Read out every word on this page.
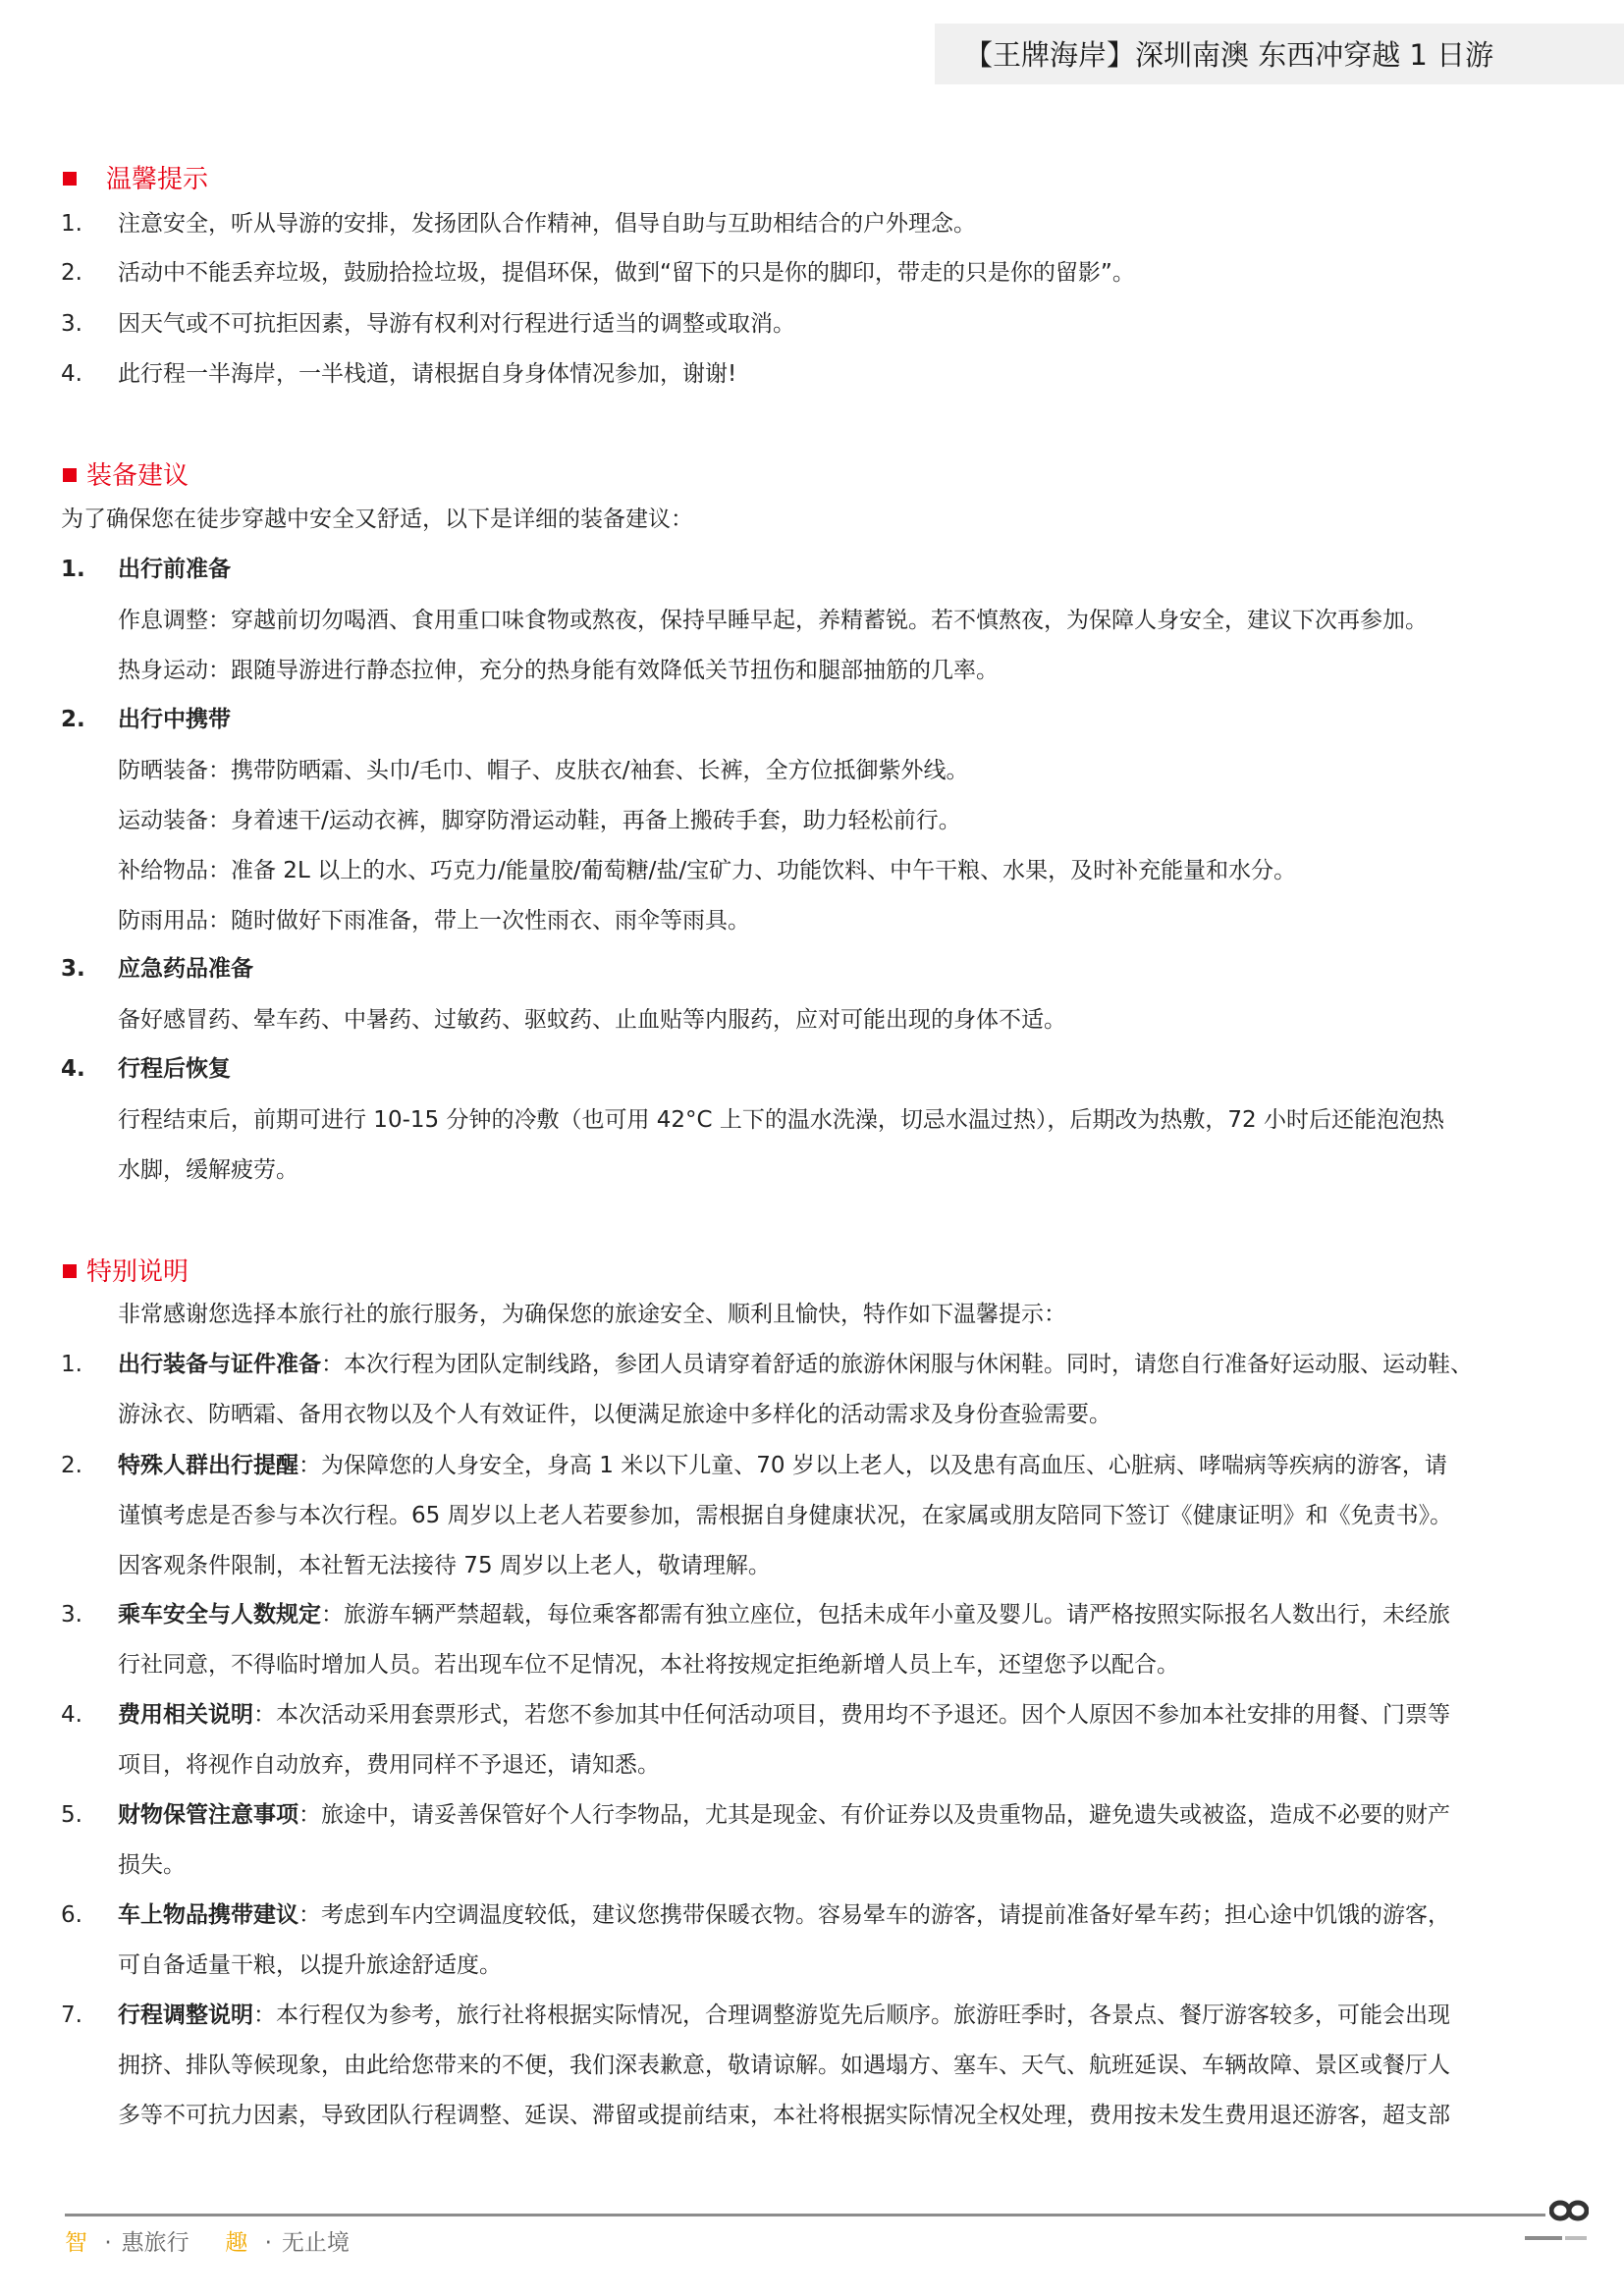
【王牌海岸】深圳南澳 东西冲穿越 1 日游
温馨提示
1. 注意安全，听从导游的安排，发扬团队合作精神，倡导自助与互助相结合的户外理念。
2. 活动中不能丢弃垃圾，鼓励拾捡垃圾，提倡环保，做到“留下的只是你的脚印，带走的只是你的留影”。
3. 因天气或不可抗拒因素，导游有权利对行程进行适当的调整或取消。
4. 此行程一半海岸，一半栈道，请根据自身身体情况参加，谢谢!
装备建议
为了确保您在徒步穿越中安全又舒适，以下是详细的装备建议：
1. 出行前准备
作息调整：穿越前切勿喝酒、食用重口味食物或熬夜，保持早睡早起，养精蓄锐。若不慎熬夜，为保障人身安全，建议下次再参加。
热身运动：跟随导游进行静态拉伸，充分的热身能有效降低关节扭伤和腿部抽筋的几率。
2. 出行中携带
防晒装备：携带防晒霜、头巾/毛巾、帽子、皮肤衣/袖套、长裤，全方位抵御紫外线。
运动装备：身着速干/运动衣裤，脚穿防滑运动鞋，再备上搬砖手套，助力轻松前行。
补给物品：准备 2L 以上的水、巧克力/能量胶/葡萄糖/盐/宝矿力、功能饮料、中午干粮、水果，及时补充能量和水分。
防雨用品：随时做好下雨准备，带上一次性雨衣、雨伞等雨具。
3. 应急药品准备
备好感冒药、晕车药、中暑药、过敏药、驱蚊药、止血贴等内服药，应对可能出现的身体不适。
4. 行程后恢复
行程结束后，前期可进行 10-15 分钟的冷敷（也可用 42°C 上下的温水洗澡，切忌水温过热），后期改为热敷，72 小时后还能泡泡热
水脚，缓解疲劳。
特别说明
非常感谢您选择本旅行社的旅行服务，为确保您的旅途安全、顺利且愉快，特作如下温馨提示：
1. 出行装备与证件准备：本次行程为团队定制线路，参团人员请穿着舒适的旅游休闲服与休闲鞋。同时，请您自行准备好运动服、运动鞋、
游泳衣、防晒霜、备用衣物以及个人有效证件，以便满足旅途中多样化的活动需求及身份查验需要。
2. 特殊人群出行提醒：为保障您的人身安全，身高 1 米以下儿童、70 岁以上老人，以及患有高血压、心脏病、哮喘病等疾病的游客，请
谨慎考虑是否参与本次行程。65 周岁以上老人若要参加，需根据自身健康状况，在家属或朋友陪同下签订《健康证明》和《免责书》。
因客观条件限制，本社暂无法接待 75 周岁以上老人，敬请理解。
3. 乘车安全与人数规定：旅游车辆严禁超载，每位乘客都需有独立座位，包括未成年小童及婴儿。请严格按照实际报名人数出行，未经旅
行社同意，不得临时增加人员。若出现车位不足情况，本社将按规定拒绝新增人员上车，还望您予以配合。
4. 费用相关说明：本次活动采用套票形式，若您不参加其中任何活动项目，费用均不予退还。因个人原因不参加本社安排的用餐、门票等
项目，将视作自动放弃，费用同样不予退还，请知悉。
5. 财物保管注意事项：旅途中，请妥善保管好个人行李物品，尤其是现金、有价证券以及贵重物品，避免遗失或被盗，造成不必要的财产
损失。
6. 车上物品携带建议：考虑到车内空调温度较低，建议您携带保暖衣物。容易晕车的游客，请提前准备好晕车药；担心途中饥饿的游客，
可自备适量干粮，以提升旅途舒适度。
7. 行程调整说明：本行程仅为参考，旅行社将根据实际情况，合理调整游览先后顺序。旅游旺季时，各景点、餐厅游客较多，可能会出现
拥挤、排队等候现象，由此给您带来的不便，我们深表歉意，敬请谅解。如遇塌方、塞车、天气、航班延误、车辆故障、景区或餐厅人
多等不可抗力因素，导致团队行程调整、延误、滞留或提前结束，本社将根据实际情况全权处理，费用按未发生费用退还游客，超支部
智 · 惠旅行 趣 · 无止境
